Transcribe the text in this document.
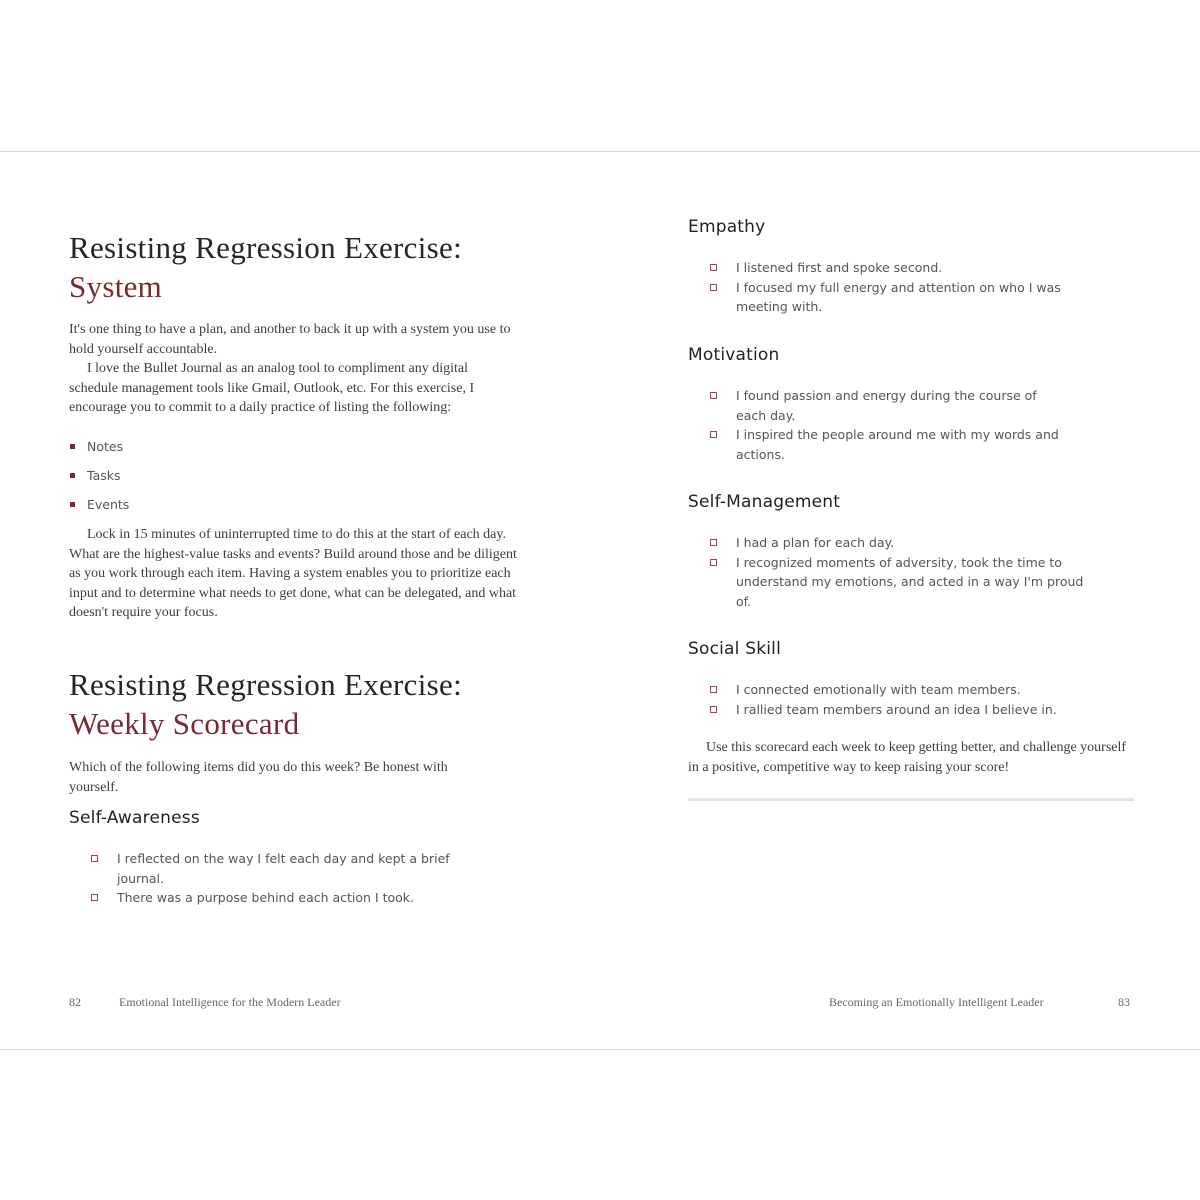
Resisting Regression Exercise:
System

It's one thing to have a plan, and another to back it up with a system you use to hold yourself accountable.

I love the Bullet Journal as an analog tool to compliment any digital schedule management tools like Gmail, Outlook, etc. For this exercise, I encourage you to commit to a daily practice of listing the following:

Notes
Tasks
Events

Lock in 15 minutes of uninterrupted time to do this at the start of each day. What are the highest-value tasks and events? Build around those and be diligent as you work through each item. Having a system enables you to prioritize each input and to determine what needs to get done, what can be delegated, and what doesn't require your focus.

Resisting Regression Exercise:
Weekly Scorecard

Which of the following items did you do this week? Be honest with yourself.

Self-Awareness
I reflected on the way I felt each day and kept a brief journal.
There was a purpose behind each action I took.
82	Emotional Intelligence for the Modern Leader
Empathy
I listened first and spoke second.
I focused my full energy and attention on who I was meeting with.
Motivation
I found passion and energy during the course of each day.
I inspired the people around me with my words and actions.
Self-Management
I had a plan for each day.
I recognized moments of adversity, took the time to understand my emotions, and acted in a way I'm proud of.
Social Skill
I connected emotionally with team members.
I rallied team members around an idea I believe in.

Use this scorecard each week to keep getting better, and challenge yourself in a positive, competitive way to keep raising your score!

Becoming an Emotionally Intelligent Leader	83
